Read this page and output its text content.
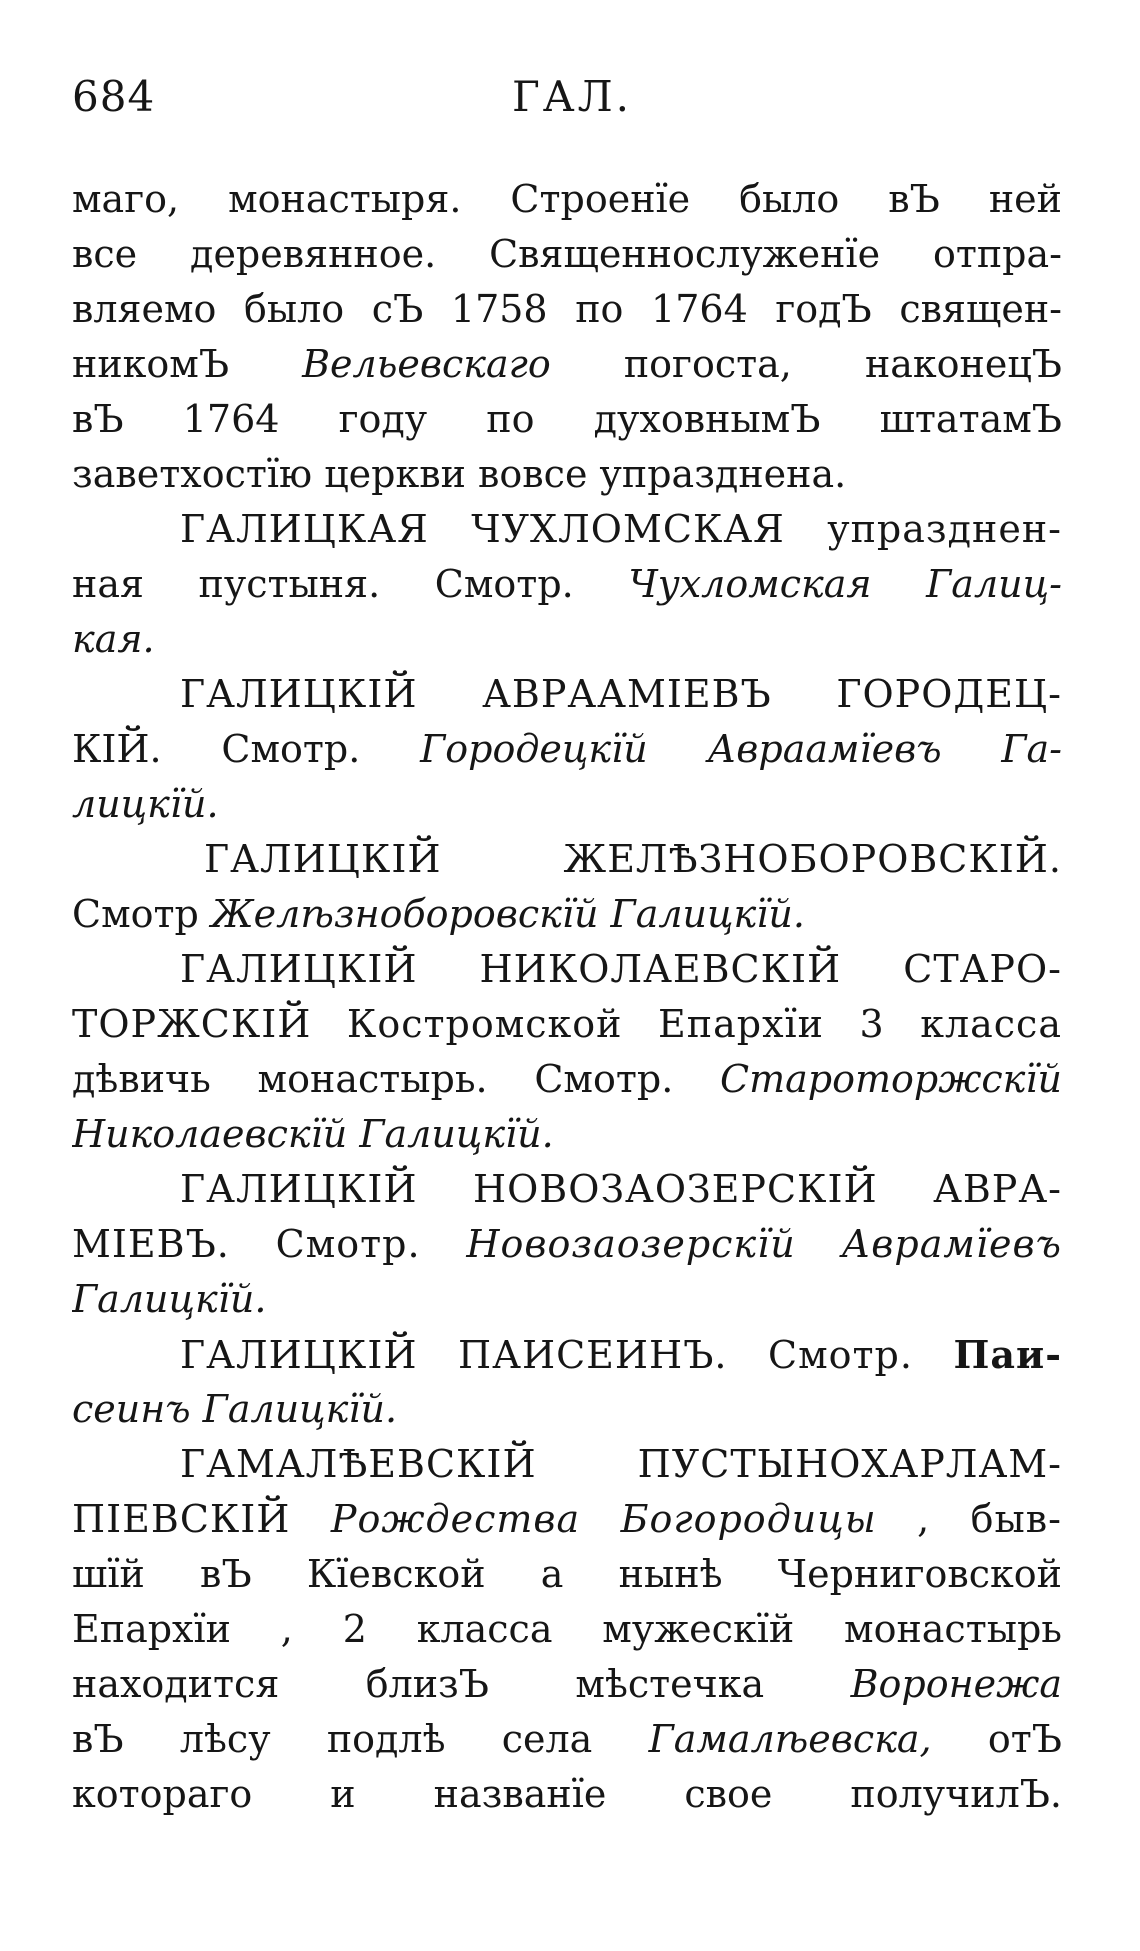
684	ГАЛ.
маго, монастыря. Строенїе было вЪ ней
все деревянное. Священнослуженїе отпра-
вляемо было сЪ 1758 по 1764 годЪ священ-
никомЪ Вельевскаго погоста, наконецЪ
вЪ 1764 году по духовнымЪ штатамЪ
заветхостїю церкви вовсе упразднена.
ГАЛИЦКАЯ ЧУХЛОМСКАЯ упразднен-
ная пустыня. Смотр. Чухломская Галиц-
кая.
ГАЛИЦКIЙ АВРААМIЕВЪ ГОРОДЕЦ-
КIЙ. Смотр. Городецкїй Авраамїевъ Га-
лицкїй.
ГАЛИЦКIЙ ЖЕЛѢЗНОБОРОВСКIЙ.
Смотр Желѣзноборовскїй Галицкїй.
ГАЛИЦКIЙ НИКОЛАЕВСКIЙ СТАРО-
ТОРЖСКIЙ Костромской Епархїи 3 класса
дѣвичь монастырь. Смотр. Староторжскїй
Николаевскїй Галицкїй.
ГАЛИЦКIЙ НОВОЗАОЗЕРСКIЙ АВРА-
МIЕВЪ. Смотр. Новозаозерскїй Аврамїевъ
Галицкїй.
ГАЛИЦКIЙ ПАИСЕИНЪ. Смотр. Паи-
сеинъ Галицкїй.
ГАМАЛѢЕВСКIЙ ПУСТЫНОХАРЛАМ-
ПIЕВСКIЙ Рождества Богородицы , быв-
шїй вЪ Кїевской а нынѣ Черниговской
Епархїи , 2 класса мужескїй монастырь
находится близЪ мѣстечка Воронежа
вЪ лѣсу подлѣ села Гамалѣевска, отЪ
котораго и названїе свое получилЪ.
